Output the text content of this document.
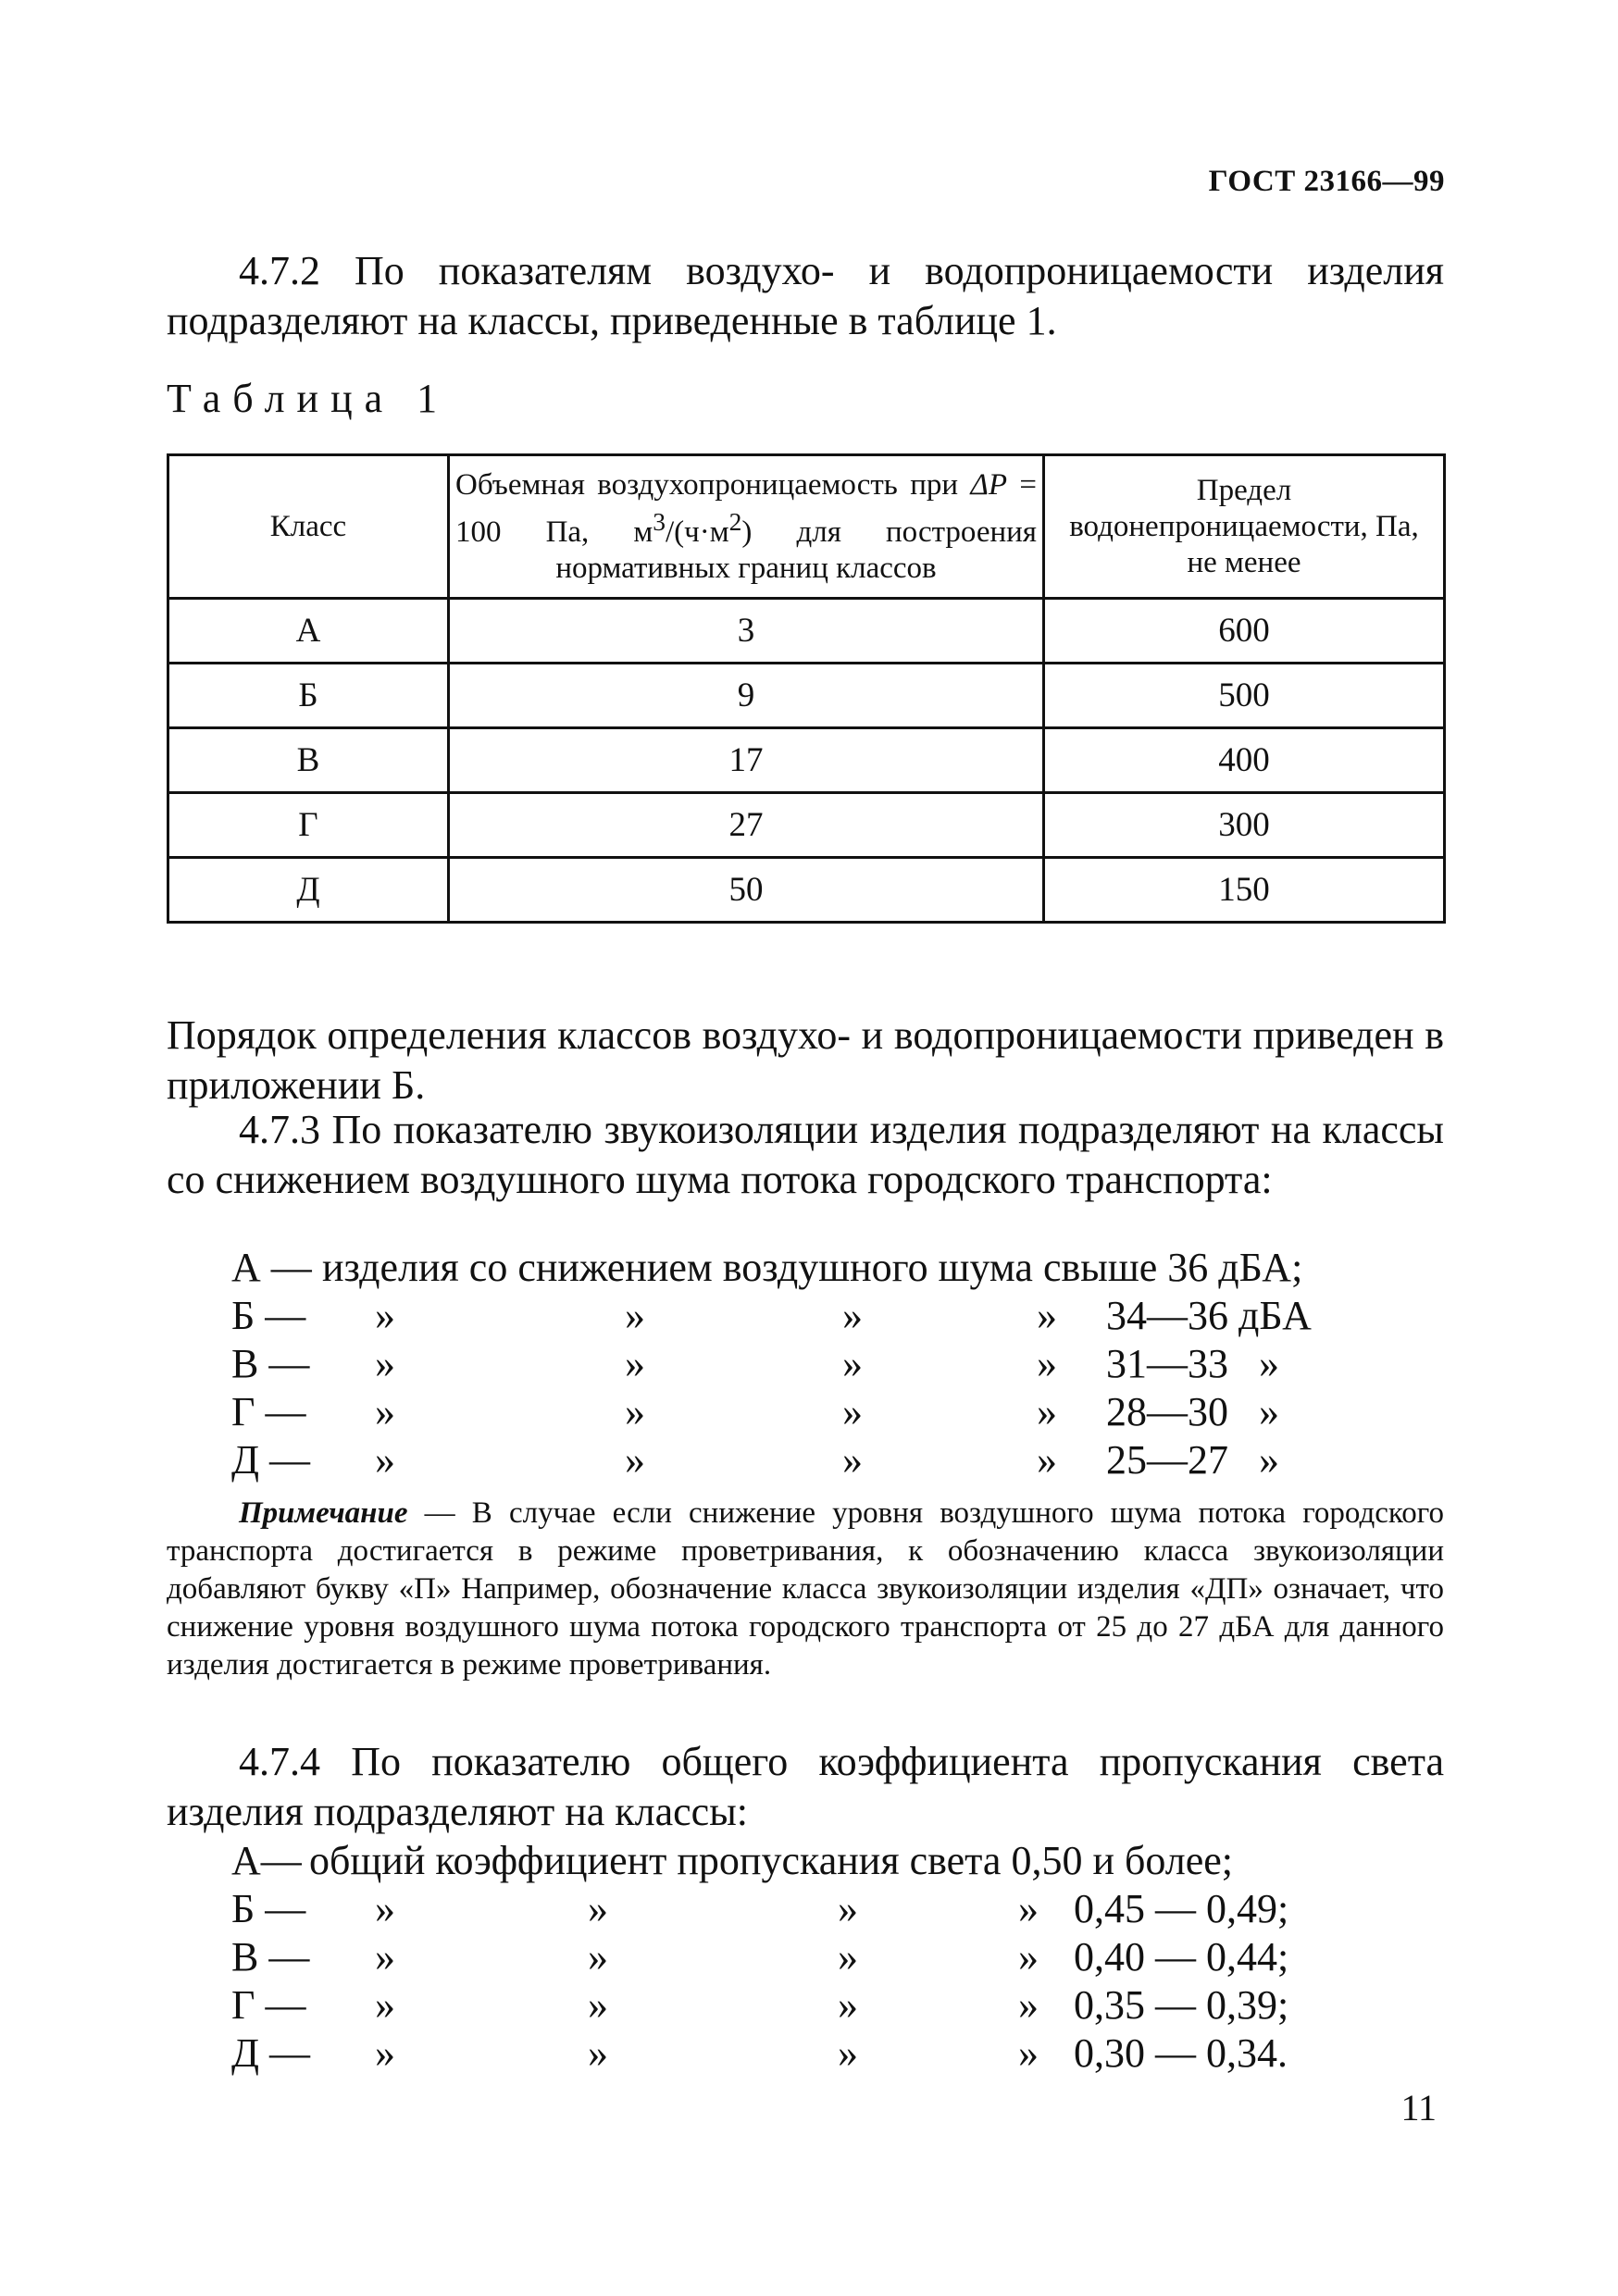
ГОСТ 23166—99
4.7.2 По показателям воздухо- и водопроницаемости изделия подразделяют на классы, приведенные в таблице 1.
Таблица 1
Класс	Объемная воздухопроницаемость при ΔP = 100 Па, $м^3/(ч\cdot м^2)$ для построения нормативных границ классов	Предел водонепроницаемости, Па, не менее

А	3	600
Б	9	500
В	17	400
Г	27	300
Д	50	150
Порядок определения классов воздухо- и водопроницаемости приведен в приложении Б.
4.7.3 По показателю звукоизоляции изделия подразделяют на классы со снижением воздушного шума потока городского транспорта:
А — изделия со снижением воздушного шума свыше 36 дБА;
Б — »	»	»	» 34—36 дБА
В — »	»	»	» 31—33 »
Г — »	»	»	» 28—30 »
Д — »	»	»	» 25—27 »
Примечание — В случае если снижение уровня воздушного шума потока городского транспорта достигается в режиме проветривания, к обозначению класса звукоизоляции добавляют букву «П» Например, обозначение класса звукоизоляции изделия «ДП» означает, что снижение уровня воздушного шума потока городского транспорта от 25 до 27 дБА для данного изделия достигается в режиме проветривания.
4.7.4 По показателю общего коэффициента пропускания света изделия подразделяют на классы:
А— общий коэффициент пропускания света 0,50 и более;
Б — »	»	»	» 0,45 — 0,49;
В — »	»	»	» 0,40 — 0,44;
Г — »	»	»	» 0,35 — 0,39;
Д — »	»	»	» 0,30 — 0,34.
11
